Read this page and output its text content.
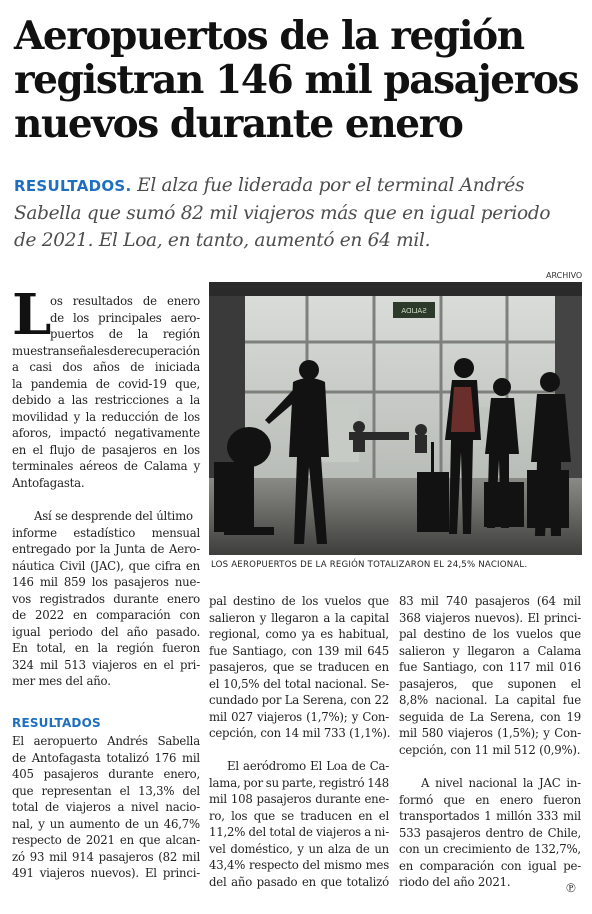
Aeropuertos de la región
registran 146 mil pasajeros
nuevos durante enero
RESULTADOS. El alza fue liderada por el terminal Andrés
Sabella que sumó 82 mil viajeros más que en igual periodo
de 2021. El Loa, en tanto, aumentó en 64 mil.
ARCHIVO
SALIDA
LOS AEROPUERTOS DE LA REGIÓN TOTALIZARON EL 24,5% NACIONAL.
L
os resultados de enero
de los principales aero-
puertos de la región
muestran señales de recuperación
a casi dos años de iniciada
la pandemia de covid-19 que,
debido a las restricciones a la
movilidad y la reducción de los
aforos, impactó negativamente
en el flujo de pasajeros en los
terminales aéreos de Calama y
Antofagasta.
Así se desprende del último
informe estadístico mensual
entregado por la Junta de Aero-
náutica Civil (JAC), que cifra en
146 mil 859 los pasajeros nue-
vos registrados durante enero
de 2022 en comparación con
igual periodo del año pasado.
En total, en la región fueron
324 mil 513 viajeros en el pri-
mer mes del año.
RESULTADOS
El aeropuerto Andrés Sabella
de Antofagasta totalizó 176 mil
405 pasajeros durante enero,
que representan el 13,3% del
total de viajeros a nivel nacio-
nal, y un aumento de un 46,7%
respecto de 2021 en que alcan-
zó 93 mil 914 pasajeros (82 mil
491 viajeros nuevos). El princi-
pal destino de los vuelos que
salieron y llegaron a la capital
regional, como ya es habitual,
fue Santiago, con 139 mil 645
pasajeros, que se traducen en
el 10,5% del total nacional. Se-
cundado por La Serena, con 22
mil 027 viajeros (1,7%); y Con-
cepción, con 14 mil 733 (1,1%).
El aeródromo El Loa de Ca-
lama, por su parte, registró 148
mil 108 pasajeros durante ene-
ro, los que se traducen en el
11,2% del total de viajeros a ni-
vel doméstico, y un alza de un
43,4% respecto del mismo mes
del año pasado en que totalizó
83 mil 740 pasajeros (64 mil
368 viajeros nuevos). El princi-
pal destino de los vuelos que
salieron y llegaron a Calama
fue Santiago, con 117 mil 016
pasajeros, que suponen el
8,8% nacional. La capital fue
seguida de La Serena, con 19
mil 580 viajeros (1,5%); y Con-
cepción, con 11 mil 512 (0,9%).
A nivel nacional la JAC in-
formó que en enero fueron
transportados 1 millón 333 mil
533 pasajeros dentro de Chile,
con un crecimiento de 132,7%,
en comparación con igual pe-
riodo del año 2021.	℗
